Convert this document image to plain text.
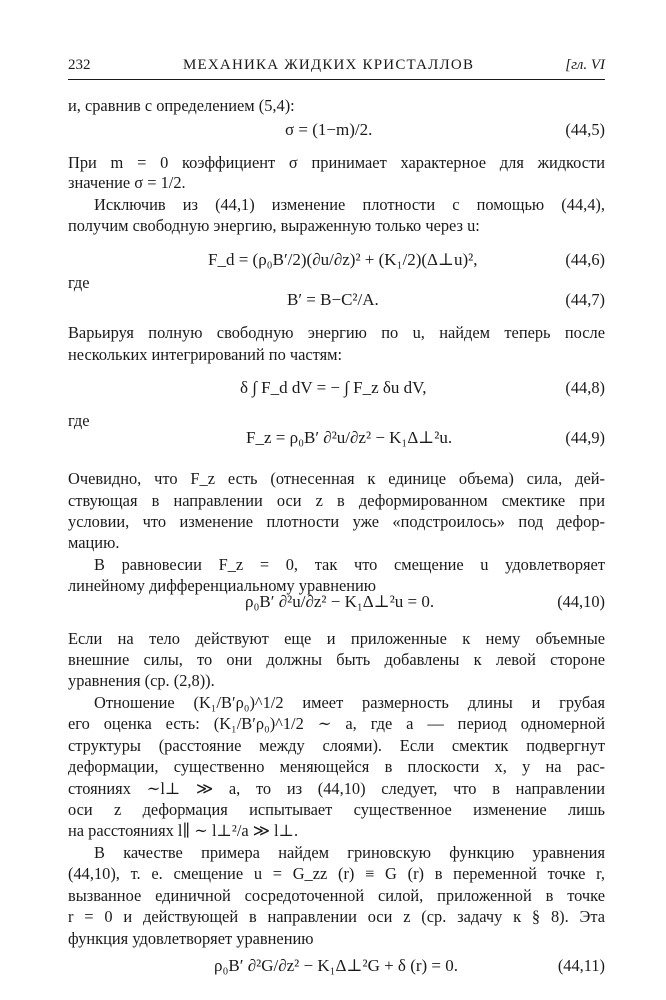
232	МЕХАНИКА ЖИДКИХ КРИСТАЛЛОВ	[гл. VI
и, сравнив с определением (5,4):
σ = (1−m)/2.	(44,5)
При m = 0 коэффициент σ принимает характерное для жидкости
значение σ = 1/2.
Исключив из (44,1) изменение плотности с помощью (44,4),
получим свободную энергию, выраженную только через u:
F_d = (ρ₀B′/2)(∂u/∂z)² + (K₁/2)(Δ⊥u)²,	(44,6)
где
B′ = B−C²/A.	(44,7)
Варьируя полную свободную энергию по u, найдем теперь после
нескольких интегрирований по частям:
δ ∫ F_d dV = − ∫ F_z δu dV,	(44,8)
где
F_z = ρ₀B′ ∂²u/∂z² − K₁Δ⊥²u.	(44,9)
Очевидно, что F_z есть (отнесенная к единице объема) сила, дей-
ствующая в направлении оси z в деформированном смектике при
условии, что изменение плотности уже «подстроилось» под дефор-
мацию.
В равновесии F_z = 0, так что смещение u удовлетворяет
линейному дифференциальному уравнению
ρ₀B′ ∂²u/∂z² − K₁Δ⊥²u = 0.	(44,10)
Если на тело действуют еще и приложенные к нему объемные
внешние силы, то они должны быть добавлены к левой стороне
уравнения (ср. (2,8)).
Отношение (K₁/B′ρ₀)^1/2 имеет размерность длины и грубая
его оценка есть: (K₁/B′ρ₀)^1/2 ∼ a, где a — период одномерной
структуры (расстояние между слоями). Если смектик подвергнут
деформации, существенно меняющейся в плоскости x, y на рас-
стояниях ∼l⊥ ≫ a, то из (44,10) следует, что в направлении
оси z деформация испытывает существенное изменение лишь
на расстояниях l∥ ∼ l⊥²/a ≫ l⊥.
В качестве примера найдем гриновскую функцию уравнения
(44,10), т. е. смещение u = G_zz (r) ≡ G (r) в переменной точке r,
вызванное единичной сосредоточенной силой, приложенной в точке
r = 0 и действующей в направлении оси z (ср. задачу к § 8). Эта
функция удовлетворяет уравнению
ρ₀B′ ∂²G/∂z² − K₁Δ⊥²G + δ (r) = 0.	(44,11)
